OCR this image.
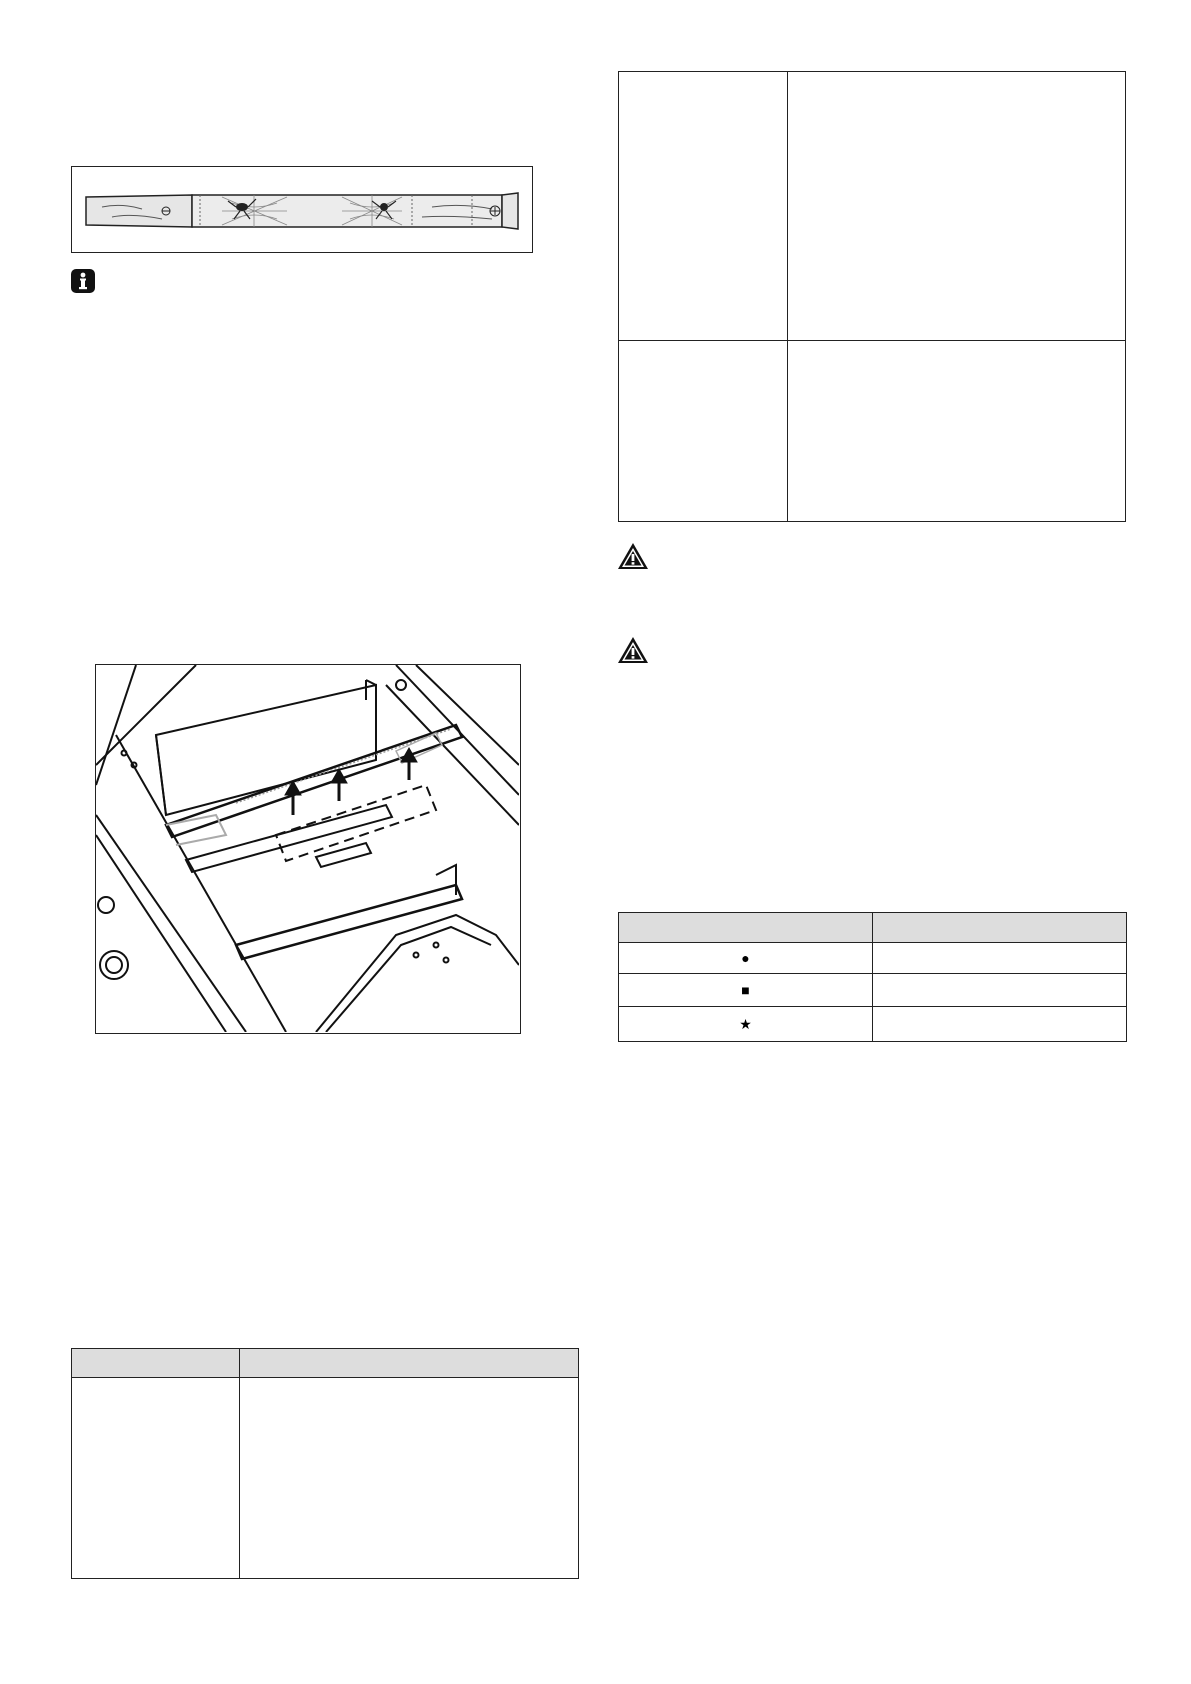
●	
■	
★	
